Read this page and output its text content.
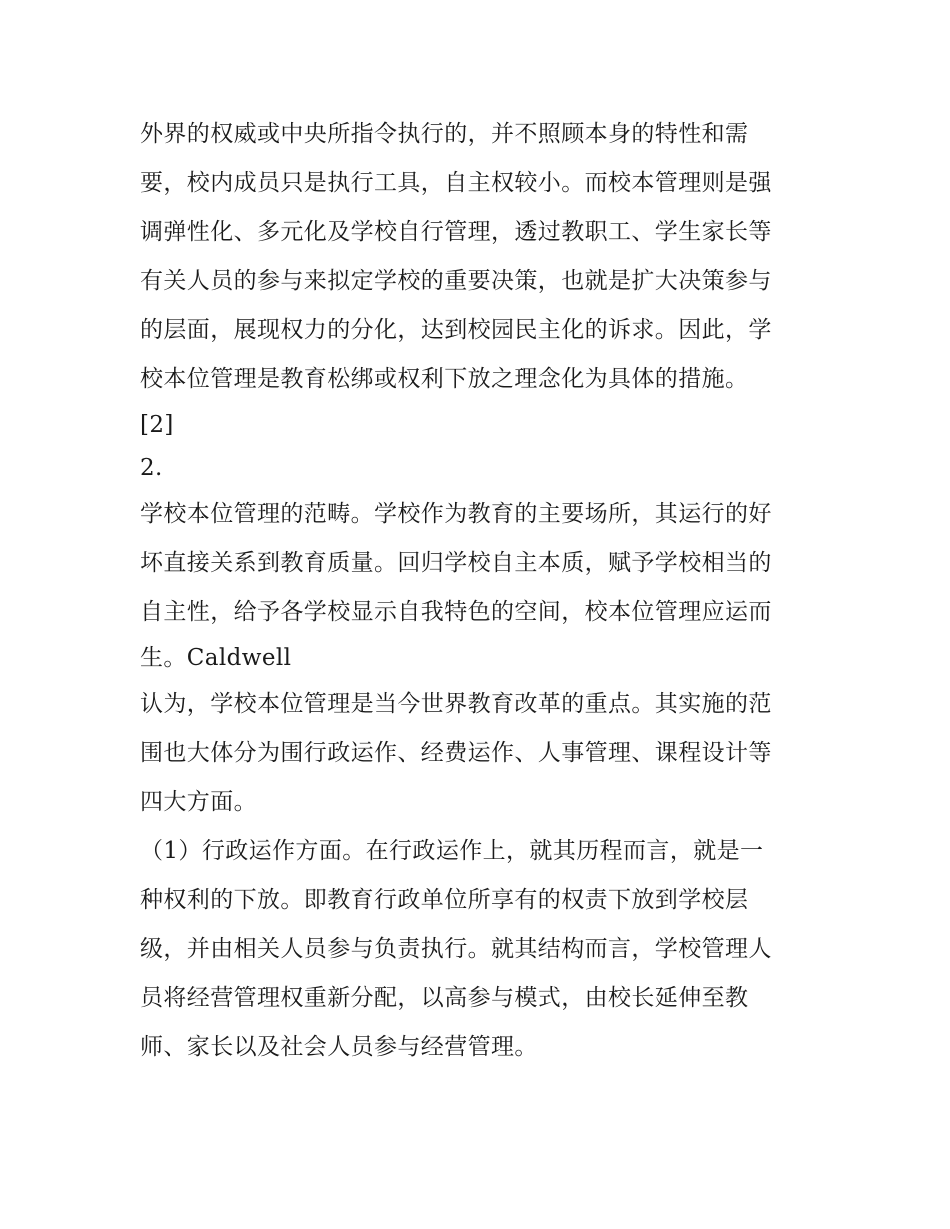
外界的权威或中央所指令执行的，并不照顾本身的特性和需
要，校内成员只是执行工具，自主权较小。而校本管理则是强
调弹性化、多元化及学校自行管理，透过教职工、学生家长等
有关人员的参与来拟定学校的重要决策，也就是扩大决策参与
的层面，展现权力的分化，达到校园民主化的诉求。因此，学
校本位管理是教育松绑或权利下放之理念化为具体的措施。
[2]
2.
学校本位管理的范畴。学校作为教育的主要场所，其运行的好
坏直接关系到教育质量。回归学校自主本质，赋予学校相当的
自主性，给予各学校显示自我特色的空间，校本位管理应运而
生。Caldwell
认为，学校本位管理是当今世界教育改革的重点。其实施的范
围也大体分为围行政运作、经费运作、人事管理、课程设计等
四大方面。
（1）行政运作方面。在行政运作上，就其历程而言，就是一
种权利的下放。即教育行政单位所享有的权责下放到学校层
级，并由相关人员参与负责执行。就其结构而言，学校管理人
员将经营管理权重新分配，以高参与模式，由校长延伸至教
师、家长以及社会人员参与经营管理。
